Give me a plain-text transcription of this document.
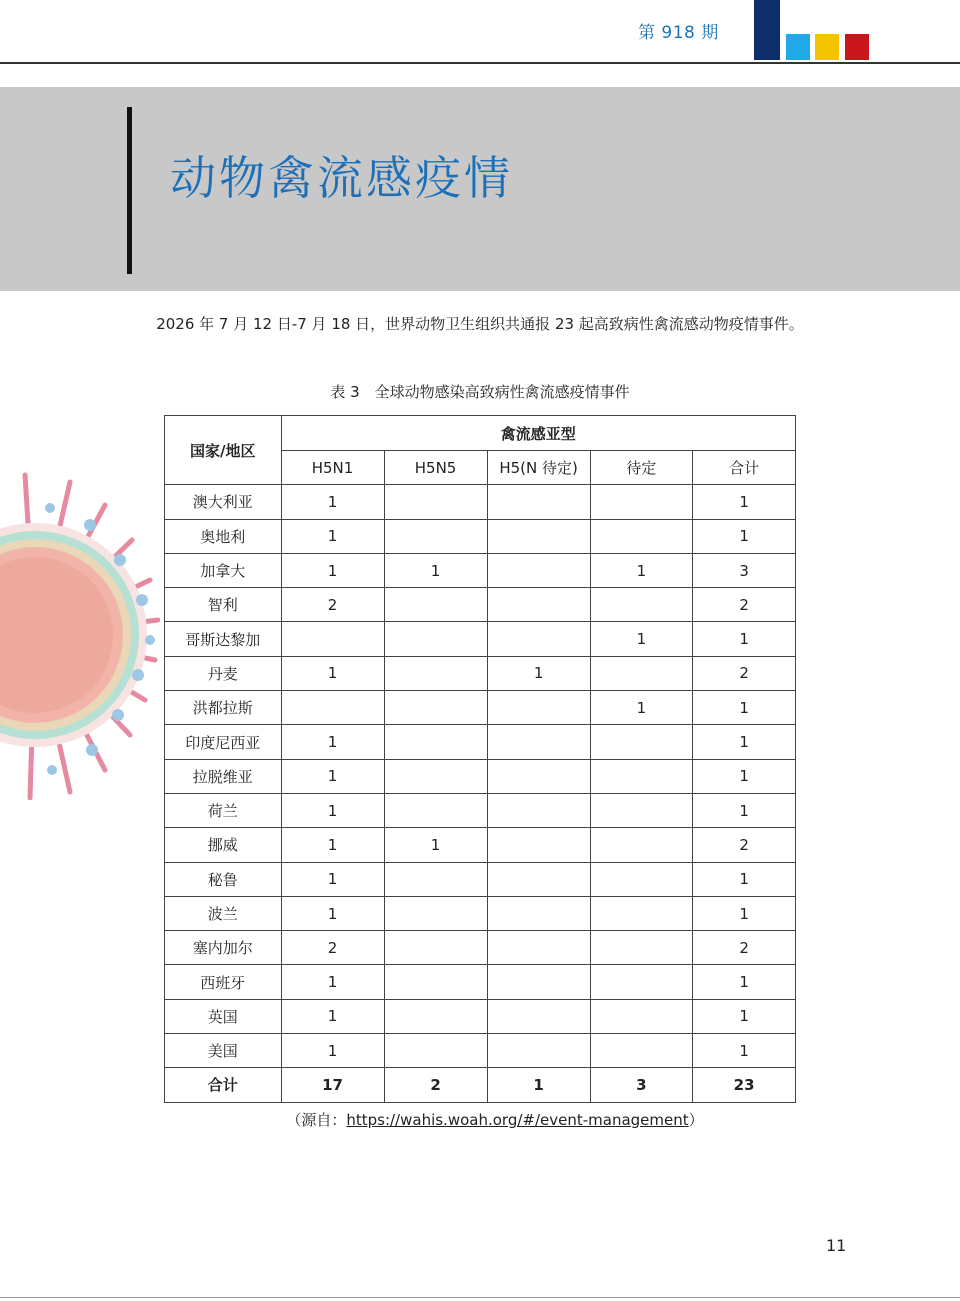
第 918 期
动物禽流感疫情
2026 年 7 月 12 日-7 月 18 日，世界动物卫生组织共通报 23 起高致病性禽流感动物疫情事件。
表 3　全球动物感染高致病性禽流感疫情事件
国家/地区	禽流感亚型				
	H5N1	H5N5	H5(N 待定)	待定	合计
澳大利亚	1				1
奥地利	1				1
加拿大	1	1		1	3
智利	2				2
哥斯达黎加				1	1
丹麦	1		1		2
洪都拉斯				1	1
印度尼西亚	1				1
拉脱维亚	1				1
荷兰	1				1
挪威	1	1			2
秘鲁	1				1
波兰	1				1
塞内加尔	2				2
西班牙	1				1
英国	1				1
美国	1				1
合计	17	2	1	3	23
（源自：https://wahis.woah.org/#/event-management）
11
